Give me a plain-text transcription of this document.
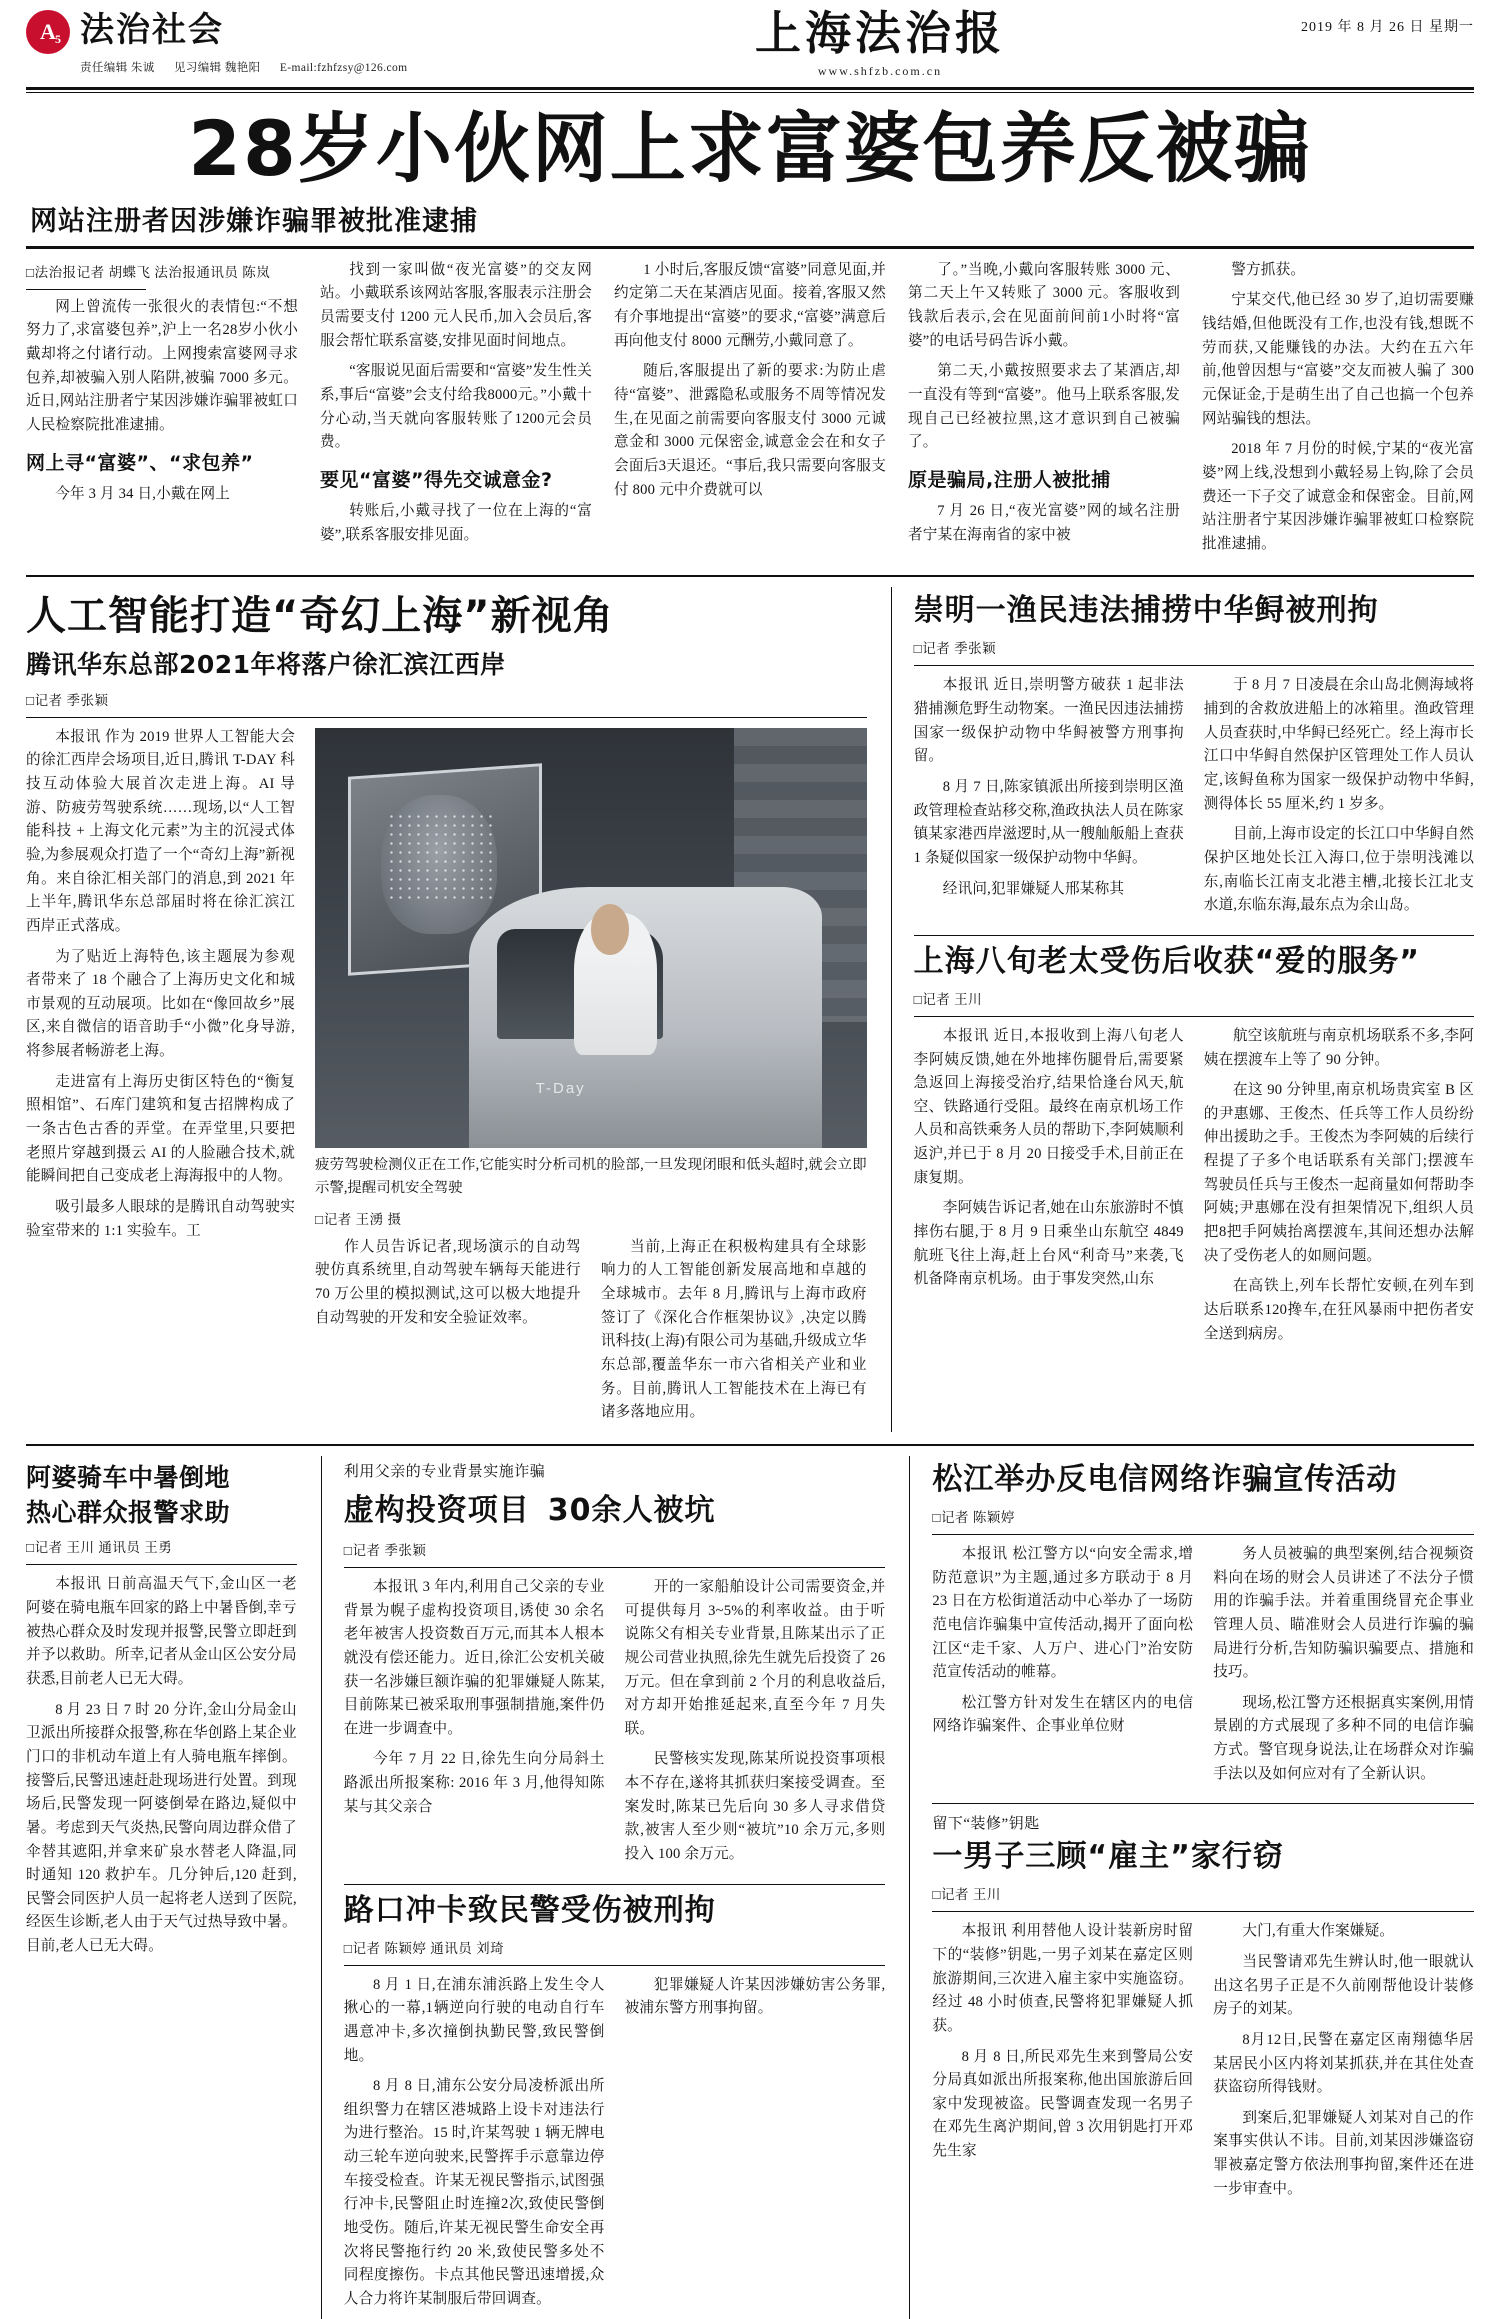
$A_5$ 法治社会
责任编辑 朱诚 见习编辑 魏艳阳 E-mail:fzhfzsy@126.com
上海法治报
www.shfzb.com.cn
2019 年 8 月 26 日 星期一
28岁小伙网上求富婆包养反被骗
网站注册者因涉嫌诈骗罪被批准逮捕
□法治报记者 胡蝶飞 法治报通讯员 陈岚

网上曾流传一张很火的表情包:“不想努力了,求富婆包养”,沪上一名28岁小伙小戴却将之付诸行动。上网搜索富婆网寻求包养,却被骗入别人陷阱,被骗 7000 多元。近日,网站注册者宁某因涉嫌诈骗罪被虹口人民检察院批准逮捕。

网上寻“富婆”、“求包养”

今年 3 月 34 日,小戴在网上

找到一家叫做“夜光富婆”的交友网站。小戴联系该网站客服,客服表示注册会员需要支付 1200 元人民币,加入会员后,客服会帮忙联系富婆,安排见面时间地点。

“客服说见面后需要和“富婆”发生性关系,事后“富婆”会支付给我8000元。”小戴十分心动,当天就向客服转账了1200元会员费。

要见“富婆”得先交诚意金?

转账后,小戴寻找了一位在上海的“富婆”,联系客服安排见面。

1 小时后,客服反馈“富婆”同意见面,并约定第二天在某酒店见面。接着,客服又然有介事地提出“富婆”的要求,“富婆”满意后再向他支付 8000 元酬劳,小戴同意了。

随后,客服提出了新的要求:为防止虐待“富婆”、泄露隐私或服务不周等情况发生,在见面之前需要向客服支付 3000 元诚意金和 3000 元保密金,诚意金会在和女子会面后3天退还。“事后,我只需要向客服支付 800 元中介费就可以

了。”当晚,小戴向客服转账 3000 元、第二天上午又转账了 3000 元。客服收到钱款后表示,会在见面前间前1小时将“富婆”的电话号码告诉小戴。

第二天,小戴按照要求去了某酒店,却一直没有等到“富婆”。他马上联系客服,发现自己已经被拉黑,这才意识到自己被骗了。

原是骗局,注册人被批捕

7 月 26 日,“夜光富婆”网的域名注册者宁某在海南省的家中被

警方抓获。

宁某交代,他已经 30 岁了,迫切需要赚钱结婚,但他既没有工作,也没有钱,想既不劳而获,又能赚钱的办法。大约在五六年前,他曾因想与“富婆”交友而被人骗了 300 元保证金,于是萌生出了自己也搞一个包养网站骗钱的想法。

2018 年 7 月份的时候,宁某的“夜光富婆”网上线,没想到小戴轻易上钩,除了会员费还一下子交了诚意金和保密金。目前,网站注册者宁某因涉嫌诈骗罪被虹口检察院批准逮捕。

人工智能打造“奇幻上海”新视角
腾讯华东总部2021年将落户徐汇滨江西岸
□记者 季张颖

本报讯 作为 2019 世界人工智能大会的徐汇西岸会场项目,近日,腾讯 T-DAY 科技互动体验大展首次走进上海。AI 导游、防疲劳驾驶系统……现场,以“人工智能科技 + 上海文化元素”为主的沉浸式体验,为参展观众打造了一个“奇幻上海”新视角。来自徐汇相关部门的消息,到 2021 年上半年,腾讯华东总部届时将在徐汇滨江西岸正式落成。

为了贴近上海特色,该主题展为参观者带来了 18 个融合了上海历史文化和城市景观的互动展项。比如在“像回故乡”展区,来自微信的语音助手“小微”化身导游,将参展者畅游老上海。

走进富有上海历史街区特色的“衡复照相馆”、石库门建筑和复古招牌构成了一条古色古香的弄堂。在弄堂里,只要把老照片穿越到摄云 AI 的人脸融合技术,就能瞬间把自己变成老上海海报中的人物。

吸引最多人眼球的是腾讯自动驾驶实验室带来的 1:1 实验车。工

T-Day

疲劳驾驶检测仪正在工作,它能实时分析司机的脸部,一旦发现闭眼和低头超时,就会立即示警,提醒司机安全驾驶

□记者 王湧 摄

作人员告诉记者,现场演示的自动驾驶仿真系统里,自动驾驶车辆每天能进行 70 万公里的模拟测试,这可以极大地提升自动驾驶的开发和安全验证效率。

当前,上海正在积极构建具有全球影响力的人工智能创新发展高地和卓越的全球城市。去年 8 月,腾讯与上海市政府签订了《深化合作框架协议》,决定以腾讯科技(上海)有限公司为基础,升级成立华东总部,覆盖华东一市六省相关产业和业务。目前,腾讯人工智能技术在上海已有诸多落地应用。

崇明一渔民违法捕捞中华鲟被刑拘
□记者 季张颖

本报讯 近日,崇明警方破获 1 起非法猎捕濒危野生动物案。一渔民因违法捕捞国家一级保护动物中华鲟被警方刑事拘留。

8 月 7 日,陈家镇派出所接到崇明区渔政管理检查站移交称,渔政执法人员在陈家镇某家港西岸滋逻时,从一艘舢舨船上查获 1 条疑似国家一级保护动物中华鲟。

经讯问,犯罪嫌疑人邢某称其

于 8 月 7 日凌晨在余山岛北侧海域将捕到的舍救放进船上的冰箱里。渔政管理人员查获时,中华鲟已经死亡。经上海市长江口中华鲟自然保护区管理处工作人员认定,该鲟鱼称为国家一级保护动物中华鲟,测得体长 55 厘米,约 1 岁多。

目前,上海市设定的长江口中华鲟自然保护区地处长江入海口,位于崇明浅滩以东,南临长江南支北港主槽,北接长江北支水道,东临东海,最东点为余山岛。

上海八旬老太受伤后收获“爱的服务”
□记者 王川

本报讯 近日,本报收到上海八旬老人李阿姨反馈,她在外地摔伤腿骨后,需要紧急返回上海接受治疗,结果恰逢台风天,航空、铁路通行受阻。最终在南京机场工作人员和高铁乘务人员的帮助下,李阿姨顺利返沪,并已于 8 月 20 日接受手术,目前正在康复期。

李阿姨告诉记者,她在山东旅游时不慎摔伤右腿,于 8 月 9 日乘坐山东航空 4849 航班飞往上海,赶上台风“利奇马”来袭,飞机备降南京机场。由于事发突然,山东

航空该航班与南京机场联系不多,李阿姨在摆渡车上等了 90 分钟。

在这 90 分钟里,南京机场贵宾室 B 区的尹惠娜、王俊杰、任兵等工作人员纷纷伸出援助之手。王俊杰为李阿姨的后续行程提了子多个电话联系有关部门;摆渡车驾驶员任兵与王俊杰一起商量如何帮助李阿姨;尹惠娜在没有担架情况下,组织人员把8把手阿姨抬离摆渡车,其间还想办法解决了受伤老人的如厕问题。

在高铁上,列车长帮忙安顿,在列车到达后联系120搀车,在狂风暴雨中把伤者安全送到病房。

阿婆骑车中暑倒地
热心群众报警求助
□记者 王川 通讯员 王勇

本报讯 日前高温天气下,金山区一老阿婆在骑电瓶车回家的路上中暑昏倒,幸亏被热心群众及时发现并报警,民警立即赶到并予以救助。所幸,记者从金山区公安分局获悉,目前老人已无大碍。

8 月 23 日 7 时 20 分许,金山分局金山卫派出所接群众报警,称在华创路上某企业门口的非机动车道上有人骑电瓶车摔倒。接警后,民警迅速赶赴现场进行处置。到现场后,民警发现一阿婆倒晕在路边,疑似中暑。考虑到天气炎热,民警向周边群众借了伞替其遮阳,并拿来矿泉水替老人降温,同时通知 120 救护车。几分钟后,120 赶到,民警会同医护人员一起将老人送到了医院,经医生诊断,老人由于天气过热导致中暑。目前,老人已无大碍。

利用父亲的专业背景实施诈骗
虚构投资项目 30余人被坑
□记者 季张颖

本报讯 3 年内,利用自己父亲的专业背景为幌子虚构投资项目,诱使 30 余名老年被害人投资数百万元,而其本人根本就没有偿还能力。近日,徐汇公安机关破获一名涉嫌巨额诈骗的犯罪嫌疑人陈某,目前陈某已被采取刑事强制措施,案件仍在进一步调查中。

今年 7 月 22 日,徐先生向分局斜土路派出所报案称: 2016 年 3 月,他得知陈某与其父亲合

开的一家船舶设计公司需要资金,并可提供每月 3~5%的利率收益。由于听说陈父有相关专业背景,且陈某出示了正规公司营业执照,徐先生就先后投资了 26 万元。但在拿到前 2 个月的利息收益后,对方却开始推延起来,直至今年 7 月失联。

民警核实发现,陈某所说投资事项根本不存在,遂将其抓获归案接受调查。至案发时,陈某已先后向 30 多人寻求借贷款,被害人至少则“被坑”10 余万元,多则投入 100 余万元。

路口冲卡致民警受伤被刑拘
□记者 陈颖婷 通讯员 刘琦

8 月 1 日,在浦东浦浜路上发生令人揪心的一幕,1辆逆向行驶的电动自行车遇意冲卡,多次撞倒执勤民警,致民警倒地。

8 月 8 日,浦东公安分局凌桥派出所组织警力在辖区港城路上设卡对违法行为进行整治。15 时,许某驾驶 1 辆无牌电动三轮车逆向驶来,民警挥手示意靠边停车接受检查。许某无视民警指示,试图强行冲卡,民警阻止时连撞2次,致使民警倒地受伤。随后,许某无视民警生命安全再次将民警拖行约 20 米,致使民警多处不同程度擦伤。卡点其他民警迅速增援,众人合力将许某制服后带回调查。

犯罪嫌疑人许某因涉嫌妨害公务罪,被浦东警方刑事拘留。

松江举办反电信网络诈骗宣传活动
□记者 陈颖婷

本报讯 松江警方以“向安全需求,增防范意识”为主题,通过多方联动于 8 月 23 日在方松街道活动中心举办了一场防范电信诈骗集中宣传活动,揭开了面向松江区“走千家、人万户、进心门”治安防范宣传活动的帷幕。

松江警方针对发生在辖区内的电信网络诈骗案件、企事业单位财

务人员被骗的典型案例,结合视频资料向在场的财会人员讲述了不法分子惯用的诈骗手法。并着重围绕冒充企事业管理人员、瞄准财会人员进行诈骗的骗局进行分析,告知防骗识骗要点、措施和技巧。

现场,松江警方还根据真实案例,用情景剧的方式展现了多种不同的电信诈骗方式。警官现身说法,让在场群众对诈骗手法以及如何应对有了全新认识。

留下“装修”钥匙
一男子三顾“雇主”家行窃
□记者 王川

本报讯 利用替他人设计装新房时留下的“装修”钥匙,一男子刘某在嘉定区则旅游期间,三次进入雇主家中实施盗窃。经过 48 小时侦查,民警将犯罪嫌疑人抓获。

8 月 8 日,所民邓先生来到警局公安分局真如派出所报案称,他出国旅游后回家中发现被盗。民警调查发现一名男子在邓先生离沪期间,曾 3 次用钥匙打开邓先生家

大门,有重大作案嫌疑。

当民警请邓先生辨认时,他一眼就认出这名男子正是不久前刚帮他设计装修房子的刘某。

8月12日,民警在嘉定区南翔德华居某居民小区内将刘某抓获,并在其住处查获盗窃所得钱财。

到案后,犯罪嫌疑人刘某对自己的作案事实供认不讳。目前,刘某因涉嫌盗窃罪被嘉定警方依法刑事拘留,案件还在进一步审查中。
